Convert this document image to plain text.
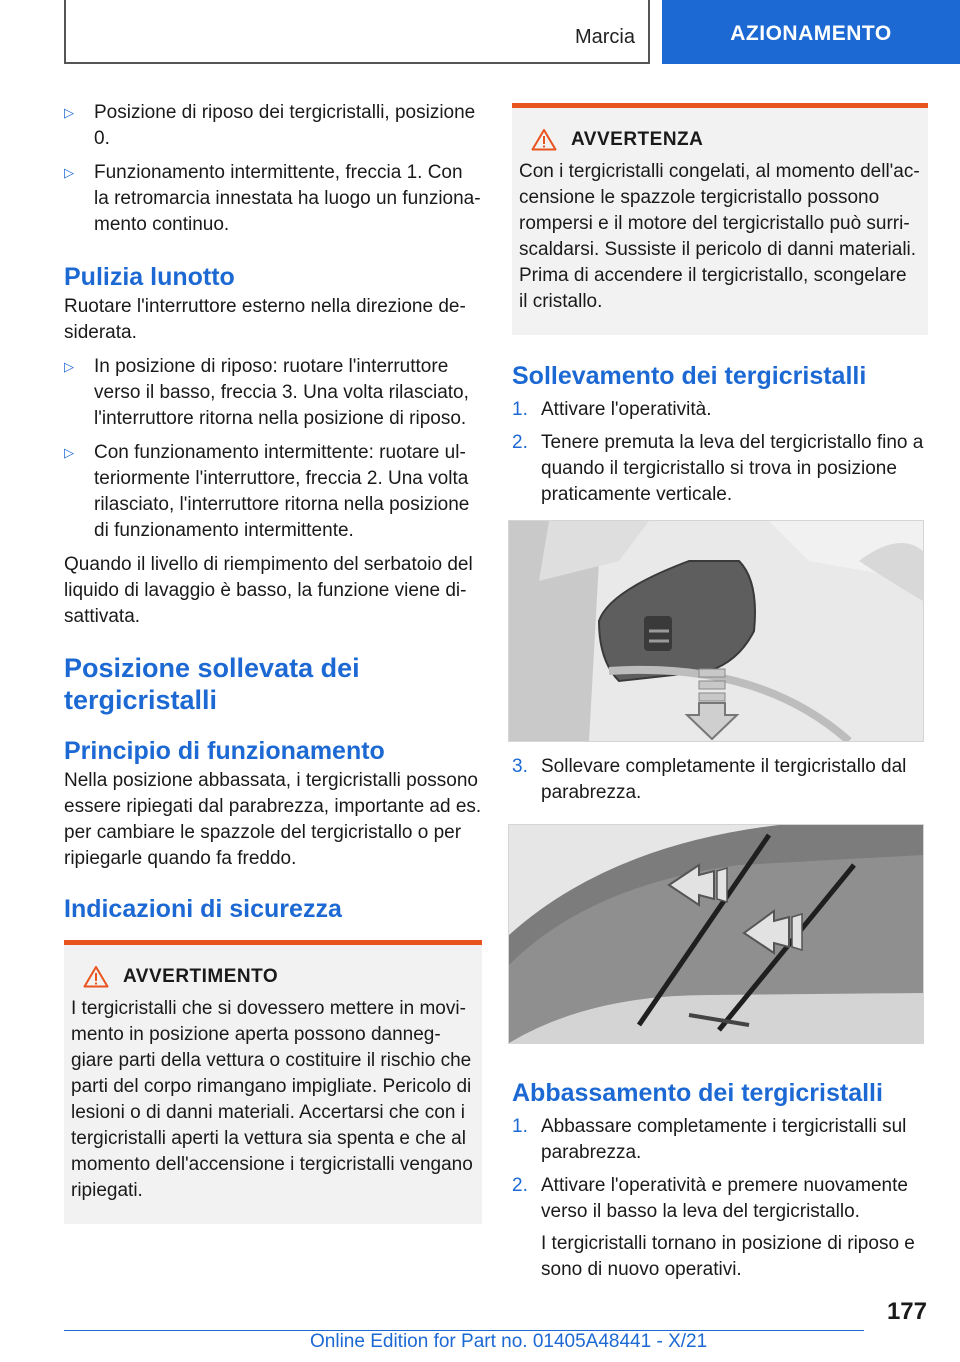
Marcia	AZIONAMENTO
▷ Posizione di riposo dei tergicristalli, posizione 0.
▷ Funzionamento intermittente, freccia 1. Con la retromarcia innestata ha luogo un funzionamento continuo.
Pulizia lunotto

Ruotare l'interruttore esterno nella direzione desiderata.

▷ In posizione di riposo: ruotare l'interruttore verso il basso, freccia 3. Una volta rilasciato, l'interruttore ritorna nella posizione di riposo.
▷ Con funzionamento intermittente: ruotare ulteriormente l'interruttore, freccia 2. Una volta rilasciato, l'interruttore ritorna nella posizione di funzionamento intermittente.

Quando il livello di riempimento del serbatoio del liquido di lavaggio è basso, la funzione viene disattivata.

Posizione sollevata dei tergicristalli
Principio di funzionamento

Nella posizione abbassata, i tergicristalli possono essere ripiegati dal parabrezza, importante ad es. per cambiare le spazzole del tergicristallo o per ripiegarle quando fa freddo.

Indicazioni di sicurezza
AVVERTIMENTO

I tergicristalli che si dovessero mettere in movimento in posizione aperta possono danneggiare parti della vettura o costituire il rischio che parti del corpo rimangano impigliate. Pericolo di lesioni o di danni materiali. Accertarsi che con i tergicristalli aperti la vettura sia spenta e che al momento dell'accensione i tergicristalli vengano ripiegati.

AVVERTENZA

Con i tergicristalli congelati, al momento dell'accensione le spazzole tergicristallo possono rompersi e il motore del tergicristallo può surriscaldarsi. Sussiste il pericolo di danni materiali. Prima di accendere il tergicristallo, scongelare il cristallo.

Sollevamento dei tergicristalli
1. Attivare l'operatività.
2. Tenere premuta la leva del tergicristallo fino a quando il tergicristallo si trova in posizione praticamente verticale.
3. Sollevare completamente il tergicristallo dal parabrezza.
Abbassamento dei tergicristalli
1. Abbassare completamente i tergicristalli sul parabrezza.
2. Attivare l'operatività e premere nuovamente verso il basso la leva del tergicristallo.
I tergicristalli tornano in posizione di riposo e sono di nuovo operativi.
177
Online Edition for Part no. 01405A48441 - X/21
